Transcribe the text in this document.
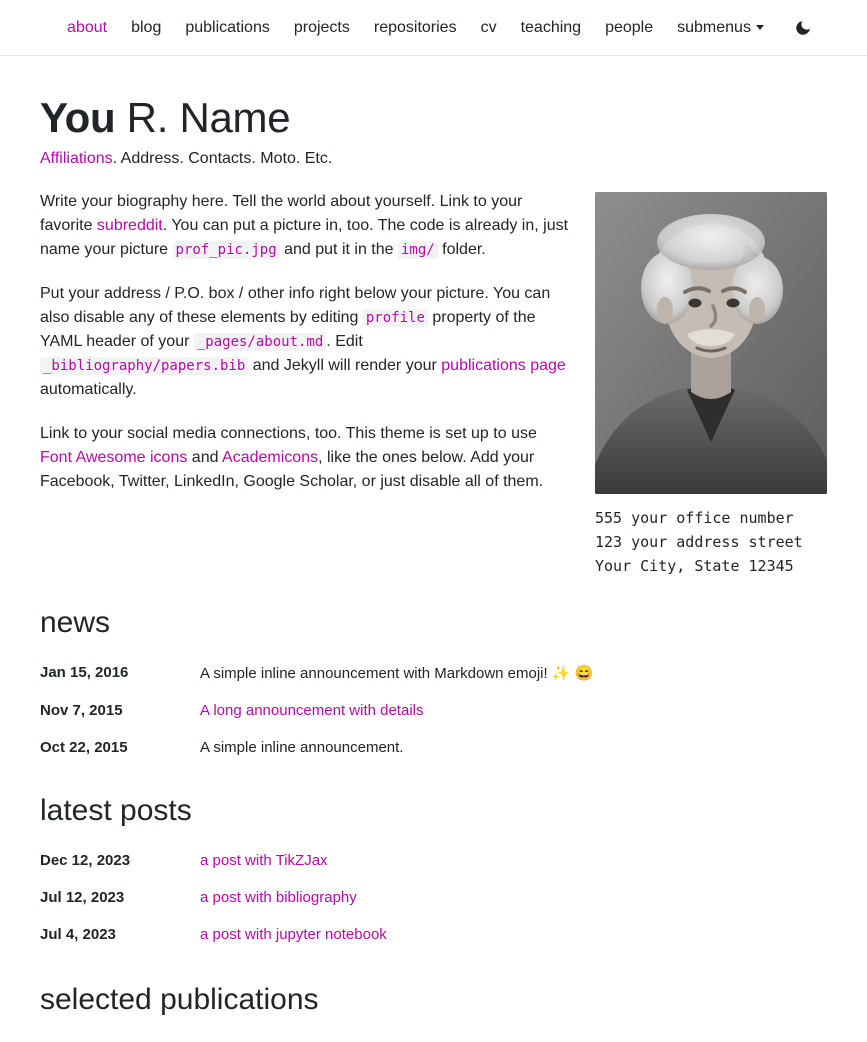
about	blog	publications	projects	repositories	cv	teaching	people	submenus
You R. Name

Affiliations. Address. Contacts. Moto. Etc.

555 your office number
123 your address street
Your City, State 12345

Write your biography here. Tell the world about yourself. Link to your favorite subreddit. You can put a picture in, too. The code is already in, just name your picture prof_pic.jpg and put it in the img/ folder.

Put your address / P.O. box / other info right below your picture. You can also disable any of these elements by editing profile property of the YAML header of your _pages/about.md . Edit _bibliography/papers.bib and Jekyll will render your publications page automatically.

Link to your social media connections, too. This theme is set up to use Font Awesome icons and Academicons, like the ones below. Add your Facebook, Twitter, LinkedIn, Google Scholar, or just disable all of them.

news
Jan 15, 2016	A simple inline announcement with Markdown emoji! ✨ 😄
Nov 7, 2015	A long announcement with details
Oct 22, 2015	A simple inline announcement.
latest posts
Dec 12, 2023	a post with TikZJax
Jul 12, 2023	a post with bibliography
Jul 4, 2023	a post with jupyter notebook
selected publications
